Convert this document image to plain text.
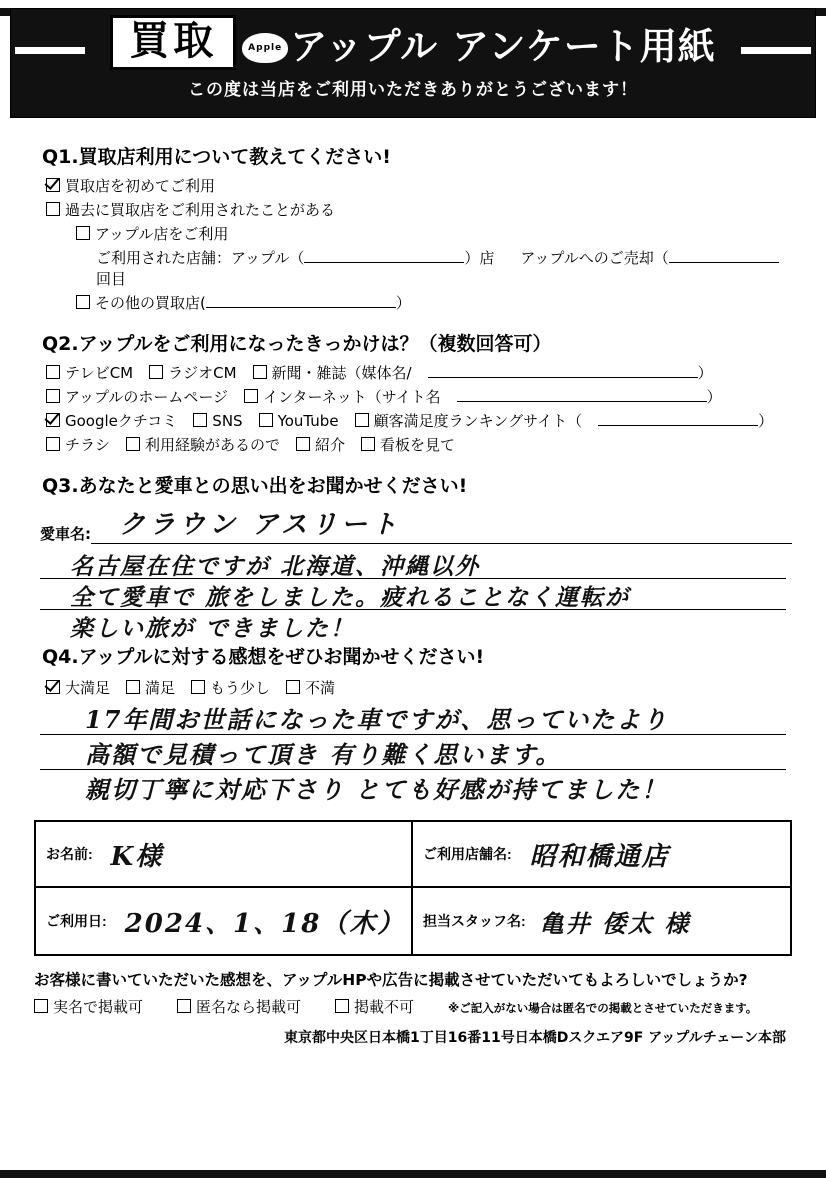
買取	Apple アップル アンケート用紙
この度は当店をご利用いただきありがとうございます！
Q1.買取店利用について教えてください!
買取店を初めてご利用
過去に買取店をご利用されたことがある
アップル店をご利用
ご利用された店舗：アップル（	）店 アップルへのご売却（
回目
その他の買取店(	）
Q2.アップルをご利用になったきっかけは？（複数回答可）
テレビCM	ラジオCM	新聞・雑誌（媒体名/	）
アップルのホームページ	インターネット（サイト名	）
Googleクチコミ	SNS	YouTube	顧客満足度ランキングサイト（	）
チラシ	利用経験があるので	紹介	看板を見て
Q3.あなたと愛車との思い出をお聞かせください!
愛車名:	クラウン アスリート
名古屋在住ですが 北海道、沖縄以外
全て愛車で 旅をしました。疲れることなく運転が
楽しい旅が できました！
Q4.アップルに対する感想をぜひお聞かせください!
大満足	満足	もう少し	不満
17年間お世話になった車ですが、思っていたより
高額で見積って頂き 有り難く思います。
親切丁寧に対応下さり とても好感が持てました！
お名前: K様	ご利用店舗名: 昭和橋通店
ご利用日: 2024、1、18（木） 担当スタッフ名: 亀井 倭太 様
お客様に書いていただいた感想を、アップルHPや広告に掲載させていただいてもよろしいでしょうか?
実名で掲載可	匿名なら掲載可	掲載不可	※ご記入がない場合は匿名での掲載とさせていただきます。
東京都中央区日本橋1丁目16番11号日本橋Dスクエア9F アップルチェーン本部
